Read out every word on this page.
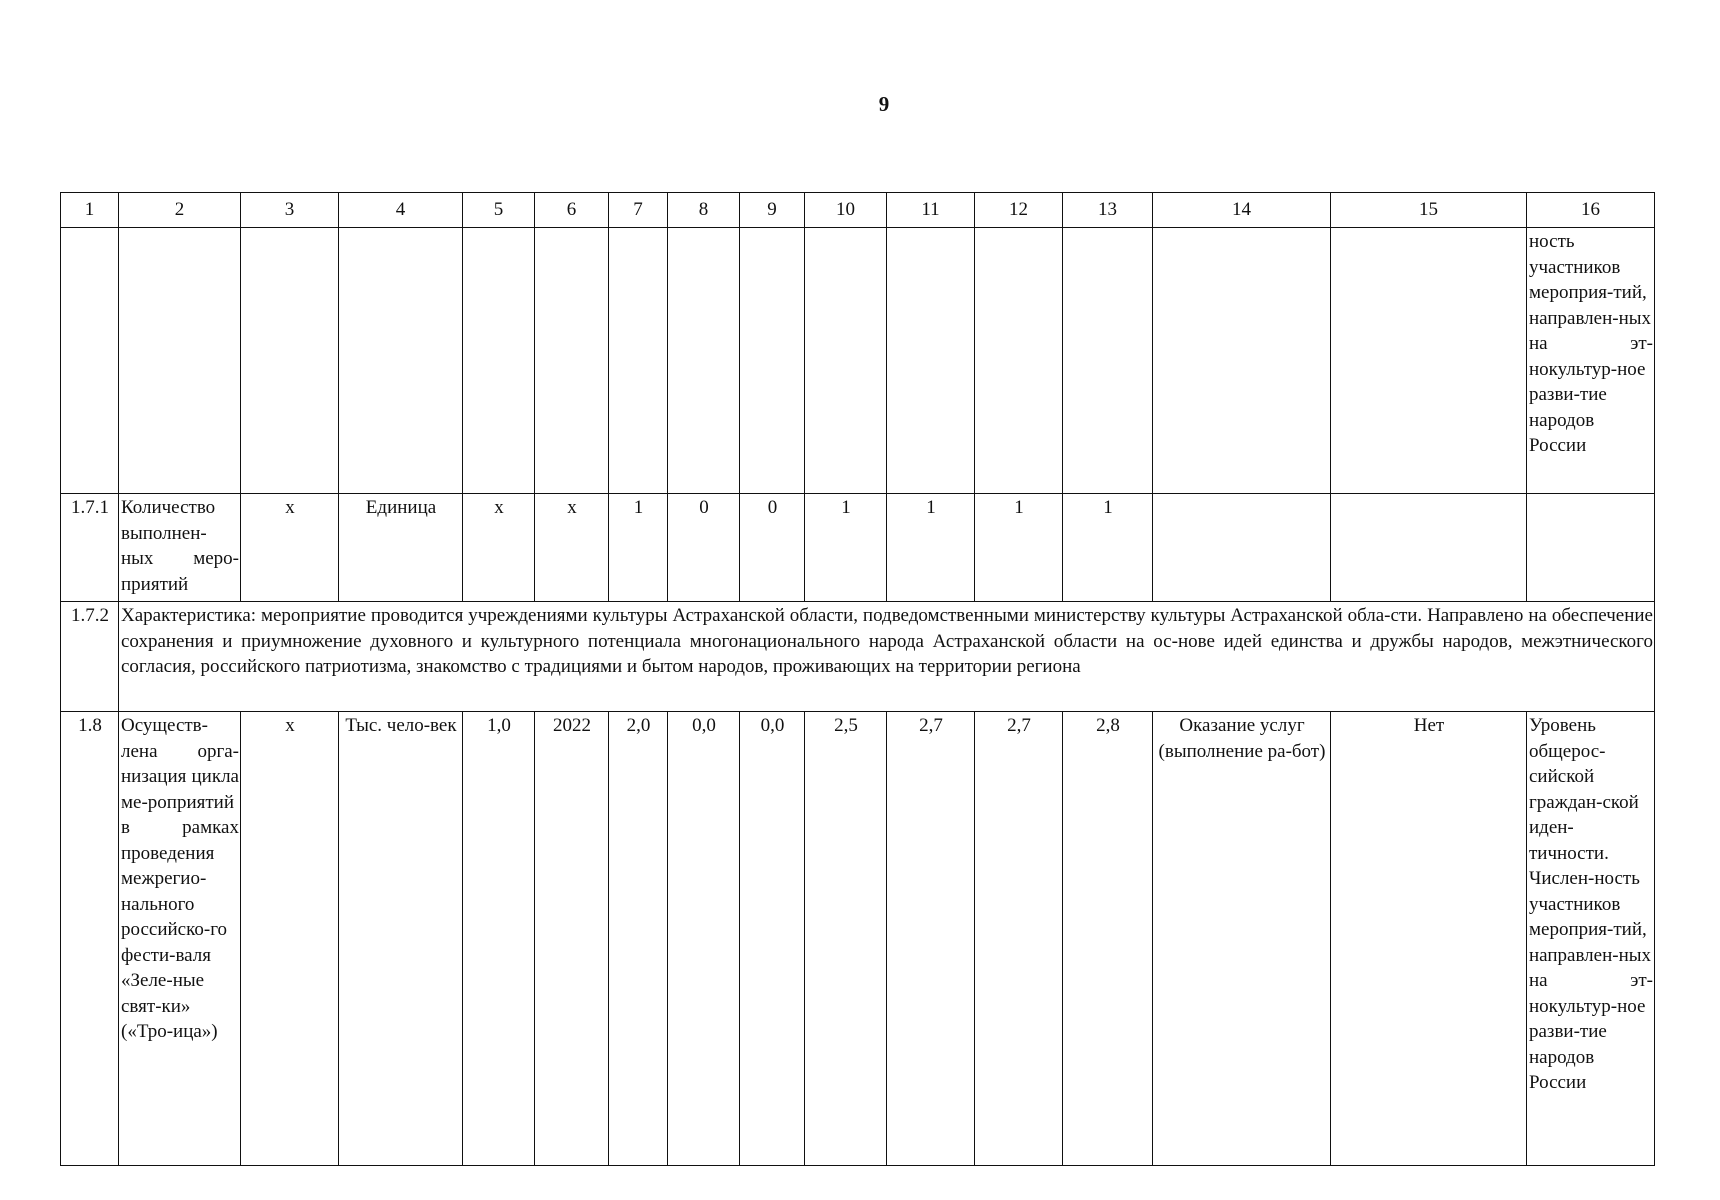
9
1	2	3	4	5	6	7	8	9	10	11	12	13	14	15	16
															ность участников мероприя-тий, направлен-ных на эт-нокультур-ное разви-тие народов России
1.7.1	Количество выполнен-ных меро-приятий	х	Единица	х	х	1	0	0	1	1	1	1			
1.7.2	Характеристика: мероприятие проводится учреждениями культуры Астраханской области, подведомственными министерству культуры Астраханской обла-сти. Направлено на обеспечение сохранения и приумножение духовного и культурного потенциала многонационального народа Астраханской области на ос-нове идей единства и дружбы народов, межэтнического согласия, российского патриотизма, знакомство с традициями и бытом народов, проживающих на территории региона														
1.8	Осуществ-лена орга-низация цикла ме-роприятий в рамках проведения межрегио-нального российско-го фести-валя «Зеле-ные свят-ки» («Тро-ица»)	х	Тыс. чело-век	1,0	2022	2,0	0,0	0,0	2,5	2,7	2,7	2,8	Оказание услуг (выполнение ра-бот)	Нет	Уровень общерос-сийской граждан-ской иден-тичности. Числен-ность участников мероприя-тий, направлен-ных на эт-нокультур-ное разви-тие народов России
